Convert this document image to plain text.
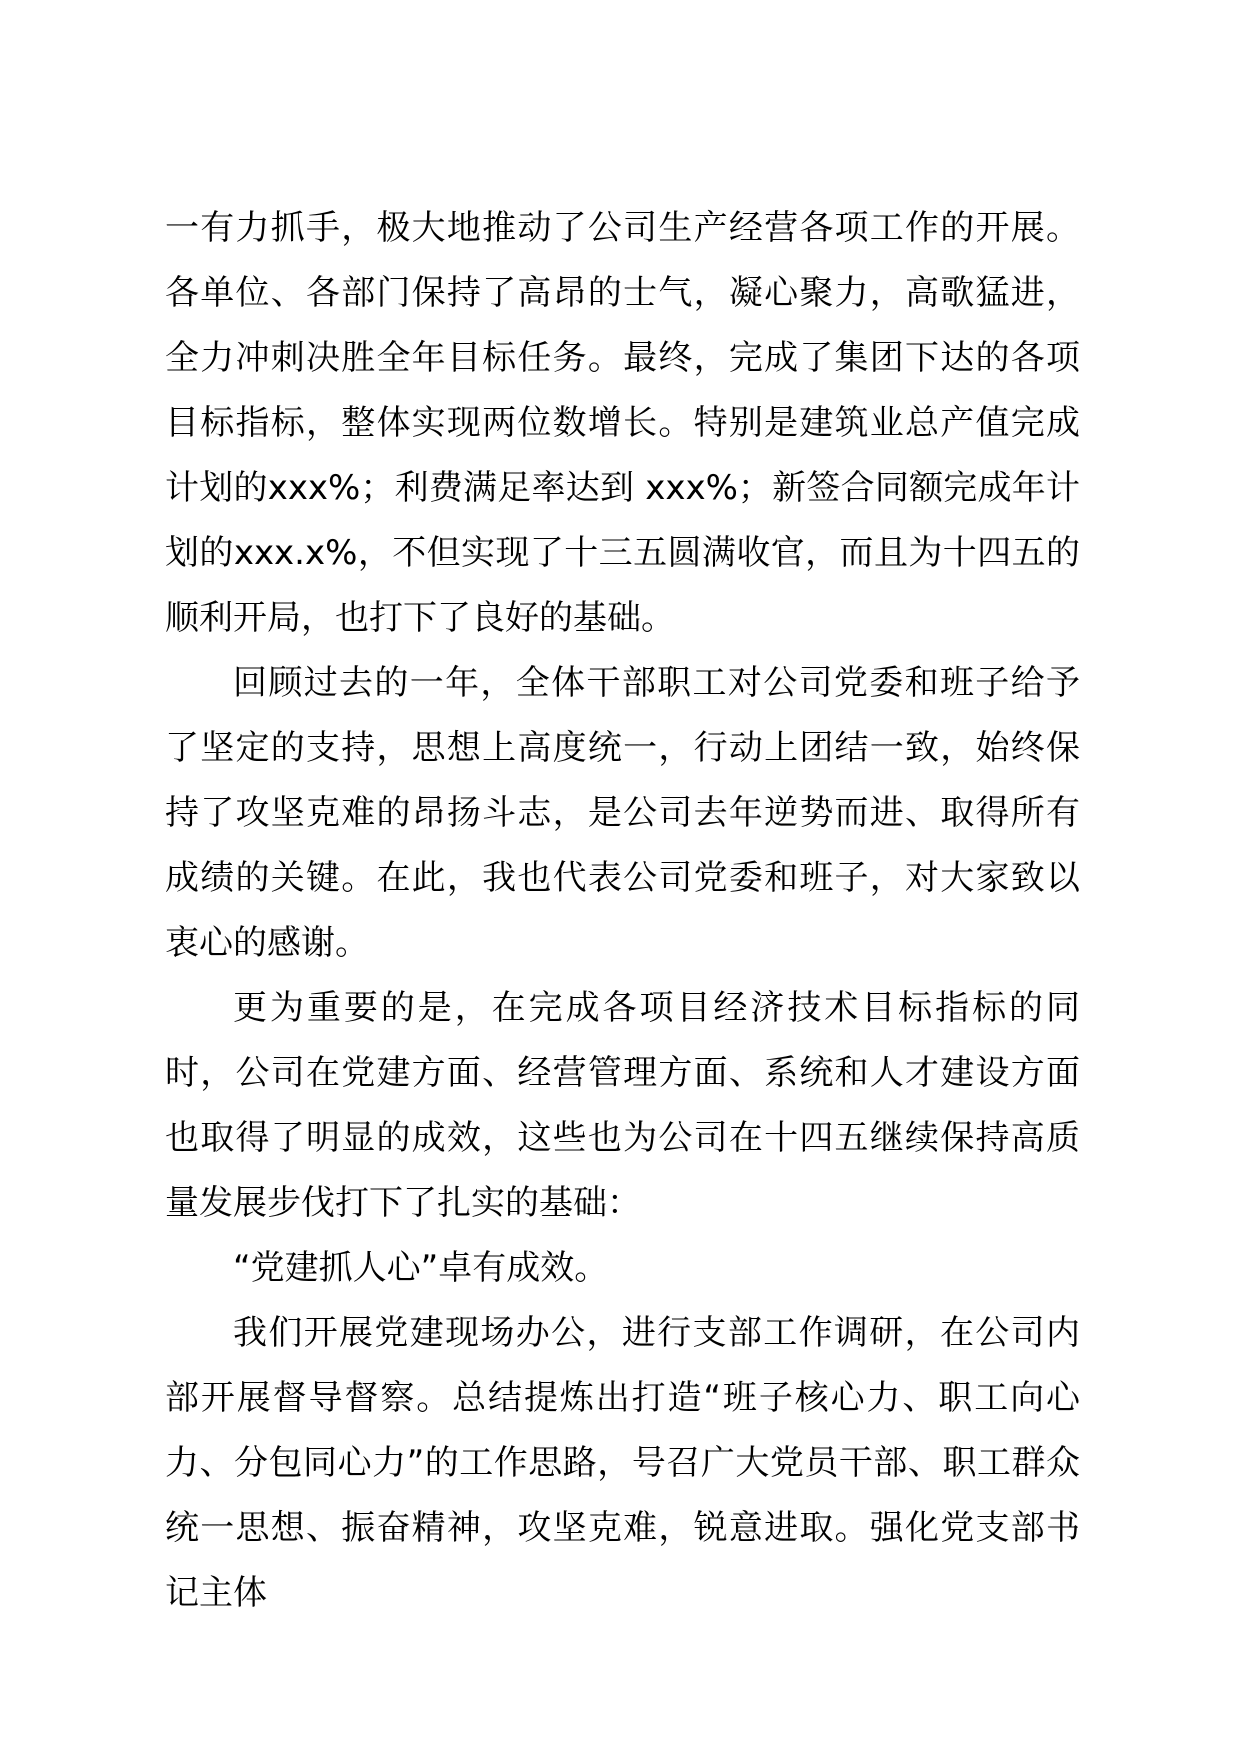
一有力抓手，极大地推动了公司生产经营各项工作的开展。各单位、各部门保持了高昂的士气，凝心聚力，高歌猛进，全力冲刺决胜全年目标任务。最终，完成了集团下达的各项目标指标，整体实现两位数增长。特别是建筑业总产值完成计划的xxx%；利费满足率达到 xxx%；新签合同额完成年计划的xxx.x%，不但实现了十三五圆满收官，而且为十四五的顺利开局，也打下了良好的基础。

回顾过去的一年，全体干部职工对公司党委和班子给予了坚定的支持，思想上高度统一，行动上团结一致，始终保持了攻坚克难的昂扬斗志，是公司去年逆势而进、取得所有成绩的关键。在此，我也代表公司党委和班子，对大家致以衷心的感谢。

更为重要的是，在完成各项目经济技术目标指标的同时，公司在党建方面、经营管理方面、系统和人才建设方面也取得了明显的成效，这些也为公司在十四五继续保持高质量发展步伐打下了扎实的基础：

“党建抓人心”卓有成效。

我们开展党建现场办公，进行支部工作调研，在公司内部开展督导督察。总结提炼出打造“班子核心力、职工向心力、分包同心力”的工作思路，号召广大党员干部、职工群众统一思想、振奋精神，攻坚克难，锐意进取。强化党支部书记主体
